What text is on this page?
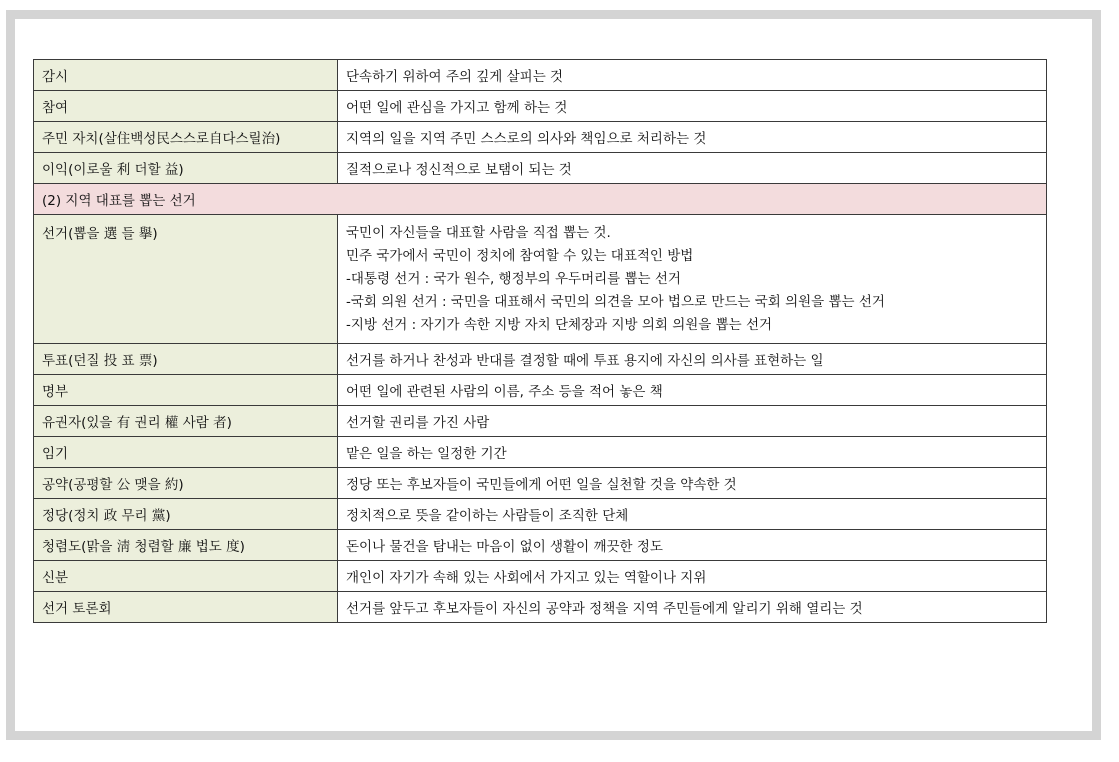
감시	단속하기 위하여 주의 깊게 살피는 것
참여	어떤 일에 관심을 가지고 함께 하는 것
주민 자치(살住백성民스스로自다스릴治)	지역의 일을 지역 주민 스스로의 의사와 책임으로 처리하는 것
이익(이로울 利 더할 益)	질적으로나 정신적으로 보탬이 되는 것
(2) 지역 대표를 뽑는 선거	
선거(뽑을 選 들 擧)	국민이 자신들을 대표할 사람을 직접 뽑는 것.
민주 국가에서 국민이 정치에 참여할 수 있는 대표적인 방법
-대통령 선거 : 국가 원수, 행정부의 우두머리를 뽑는 선거
-국회 의원 선거 : 국민을 대표해서 국민의 의견을 모아 법으로 만드는 국회 의원을 뽑는 선거
-지방 선거 : 자기가 속한 지방 자치 단체장과 지방 의회 의원을 뽑는 선거

투표(던질 投 표 票)	선거를 하거나 찬성과 반대를 결정할 때에 투표 용지에 자신의 의사를 표현하는 일
명부	어떤 일에 관련된 사람의 이름, 주소 등을 적어 놓은 책
유권자(있을 有 권리 權 사람 者)	선거할 권리를 가진 사람
임기	맡은 일을 하는 일정한 기간
공약(공평할 公 맺을 約)	정당 또는 후보자들이 국민들에게 어떤 일을 실천할 것을 약속한 것
정당(정치 政 무리 黨)	정치적으로 뜻을 같이하는 사람들이 조직한 단체
청렴도(맑을 淸 청렴할 廉 법도 度)	돈이나 물건을 탐내는 마음이 없이 생활이 깨끗한 정도
신분	개인이 자기가 속해 있는 사회에서 가지고 있는 역할이나 지위
선거 토론회	선거를 앞두고 후보자들이 자신의 공약과 정책을 지역 주민들에게 알리기 위해 열리는 것
